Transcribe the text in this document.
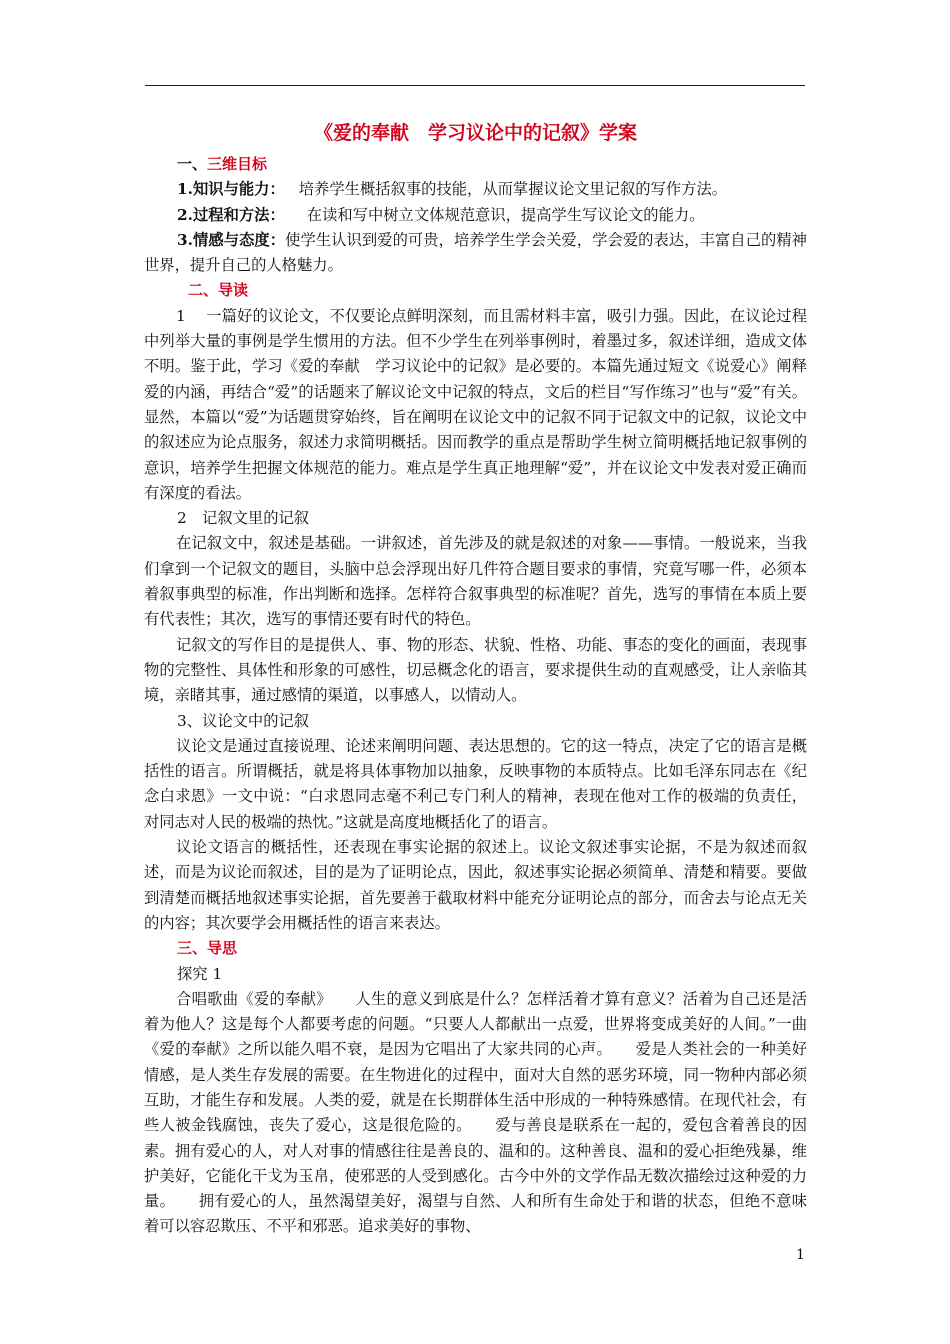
《爱的奉献　学习议论中的记叙》学案
一、三维目标

1.知识与能力： 培养学生概括叙事的技能，从而掌握议论文里记叙的写作方法。

2.过程和方法： 在读和写中树立文体规范意识，提高学生写议论文的能力。

3.情感与态度：使学生认识到爱的可贵，培养学生学会关爱，学会爱的表达，丰富自己的精神世界，提升自己的人格魅力。

二、导读

1　 一篇好的议论文，不仅要论点鲜明深刻，而且需材料丰富，吸引力强。因此，在议论过程中列举大量的事例是学生惯用的方法。但不少学生在列举事例时，着墨过多，叙述详细，造成文体不明。鉴于此，学习《爱的奉献　学习议论中的记叙》是必要的。本篇先通过短文《说爱心》阐释爱的内涵，再结合“爱”的话题来了解议论文中记叙的特点，文后的栏目“写作练习”也与“爱”有关。显然，本篇以“爱”为话题贯穿始终，旨在阐明在议论文中的记叙不同于记叙文中的记叙，议论文中的叙述应为论点服务，叙述力求简明概括。因而教学的重点是帮助学生树立简明概括地记叙事例的意识，培养学生把握文体规范的能力。难点是学生真正地理解“爱”，并在议论文中发表对爱正确而有深度的看法。

2　记叙文里的记叙

在记叙文中，叙述是基础。一讲叙述，首先涉及的就是叙述的对象——事情。一般说来，当我们拿到一个记叙文的题目，头脑中总会浮现出好几件符合题目要求的事情，究竟写哪一件，必须本着叙事典型的标准，作出判断和选择。怎样符合叙事典型的标准呢？首先，选写的事情在本质上要有代表性；其次，选写的事情还要有时代的特色。

记叙文的写作目的是提供人、事、物的形态、状貌、性格、功能、事态的变化的画面，表现事物的完整性、具体性和形象的可感性，切忌概念化的语言，要求提供生动的直观感受，让人亲临其境，亲睹其事，通过感情的渠道，以事感人，以情动人。

3、议论文中的记叙

议论文是通过直接说理、论述来阐明问题、表达思想的。它的这一特点，决定了它的语言是概括性的语言。所谓概括，就是将具体事物加以抽象，反映事物的本质特点。比如毛泽东同志在《纪念白求恩》一文中说：“白求恩同志毫不利己专门利人的精神，表现在他对工作的极端的负责任，对同志对人民的极端的热忱。”这就是高度地概括化了的语言。

议论文语言的概括性，还表现在事实论据的叙述上。议论文叙述事实论据，不是为叙述而叙述，而是为议论而叙述，目的是为了证明论点，因此，叙述事实论据必须简单、清楚和精要。要做到清楚而概括地叙述事实论据，首先要善于截取材料中能充分证明论点的部分，而舍去与论点无关的内容；其次要学会用概括性的语言来表达。

三、导思

探究 1

合唱歌曲《爱的奉献》　　人生的意义到底是什么？怎样活着才算有意义？活着为自己还是活着为他人？这是每个人都要考虑的问题。“只要人人都献出一点爱，世界将变成美好的人间。”一曲《爱的奉献》之所以能久唱不衰，是因为它唱出了大家共同的心声。　　爱是人类社会的一种美好情感，是人类生存发展的需要。在生物进化的过程中，面对大自然的恶劣环境，同一物种内部必须互助，才能生存和发展。人类的爱，就是在长期群体生活中形成的一种特殊感情。在现代社会，有些人被金钱腐蚀，丧失了爱心，这是很危险的。　　爱与善良是联系在一起的，爱包含着善良的因素。拥有爱心的人，对人对事的情感往往是善良的、温和的。这种善良、温和的爱心拒绝残暴，维护美好，它能化干戈为玉帛，使邪恶的人受到感化。古今中外的文学作品无数次描绘过这种爱的力量。　　拥有爱心的人，虽然渴望美好，渴望与自然、人和所有生命处于和谐的状态，但绝不意味着可以容忍欺压、不平和邪恶。追求美好的事物、

1
